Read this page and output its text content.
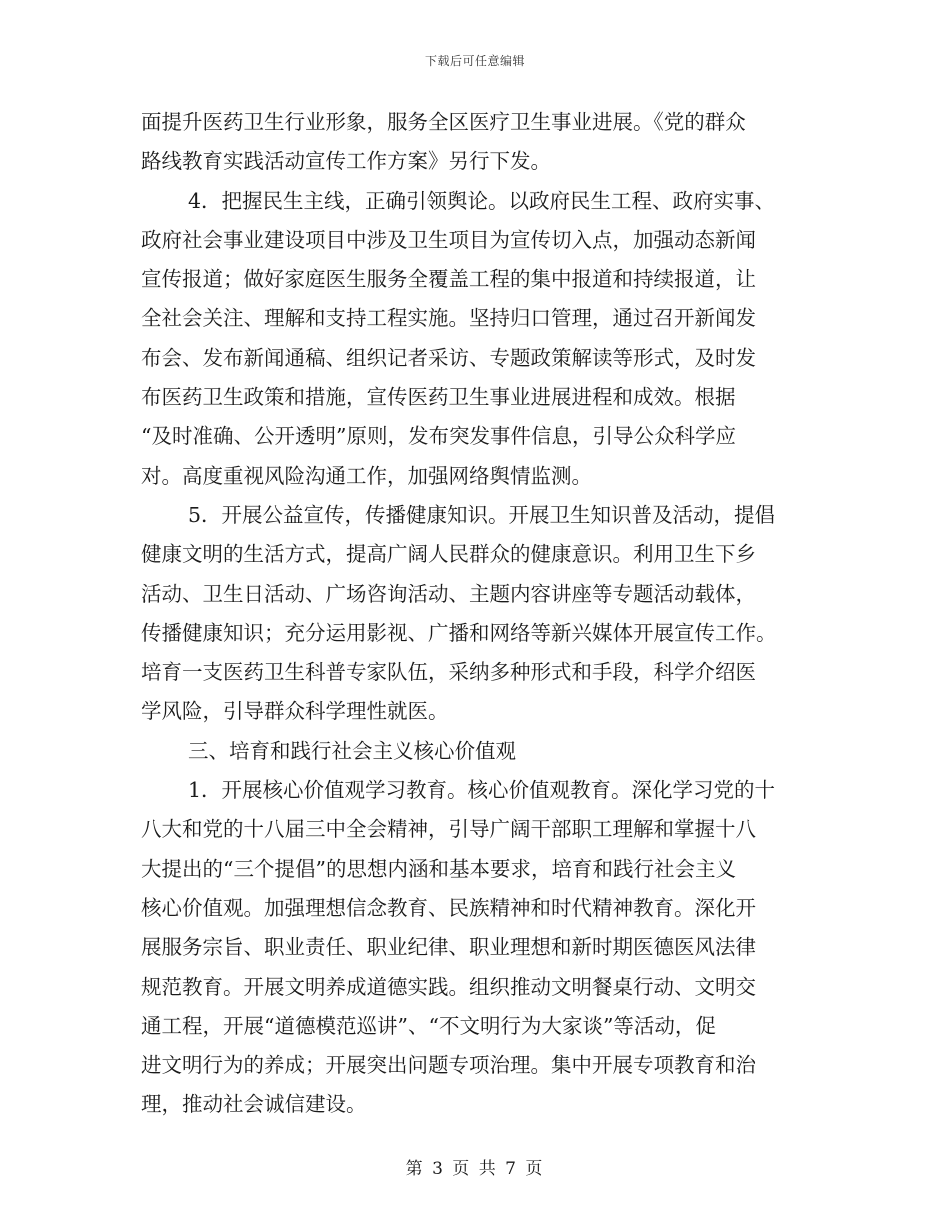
下载后可任意编辑
面提升医药卫生行业形象，服务全区医疗卫生事业进展。《党的群众
路线教育实践活动宣传工作方案》另行下发。
4．把握民生主线，正确引领舆论。以政府民生工程、政府实事、
政府社会事业建设项目中涉及卫生项目为宣传切入点，加强动态新闻
宣传报道；做好家庭医生服务全覆盖工程的集中报道和持续报道，让
全社会关注、理解和支持工程实施。坚持归口管理，通过召开新闻发
布会、发布新闻通稿、组织记者采访、专题政策解读等形式，及时发
布医药卫生政策和措施，宣传医药卫生事业进展进程和成效。根据
“及时准确、公开透明”原则，发布突发事件信息，引导公众科学应
对。高度重视风险沟通工作，加强网络舆情监测。
5．开展公益宣传，传播健康知识。开展卫生知识普及活动，提倡
健康文明的生活方式，提高广阔人民群众的健康意识。利用卫生下乡
活动、卫生日活动、广场咨询活动、主题内容讲座等专题活动载体，
传播健康知识；充分运用影视、广播和网络等新兴媒体开展宣传工作。
培育一支医药卫生科普专家队伍，采纳多种形式和手段，科学介绍医
学风险，引导群众科学理性就医。
三、培育和践行社会主义核心价值观
1．开展核心价值观学习教育。核心价值观教育。深化学习党的十
八大和党的十八届三中全会精神，引导广阔干部职工理解和掌握十八
大提出的“三个提倡”的思想内涵和基本要求，培育和践行社会主义
核心价值观。加强理想信念教育、民族精神和时代精神教育。深化开
展服务宗旨、职业责任、职业纪律、职业理想和新时期医德医风法律
规范教育。开展文明养成道德实践。组织推动文明餐桌行动、文明交
通工程，开展“道德模范巡讲”、“不文明行为大家谈”等活动，促
进文明行为的养成；开展突出问题专项治理。集中开展专项教育和治
理，推动社会诚信建设。
第 3 页 共 7 页
